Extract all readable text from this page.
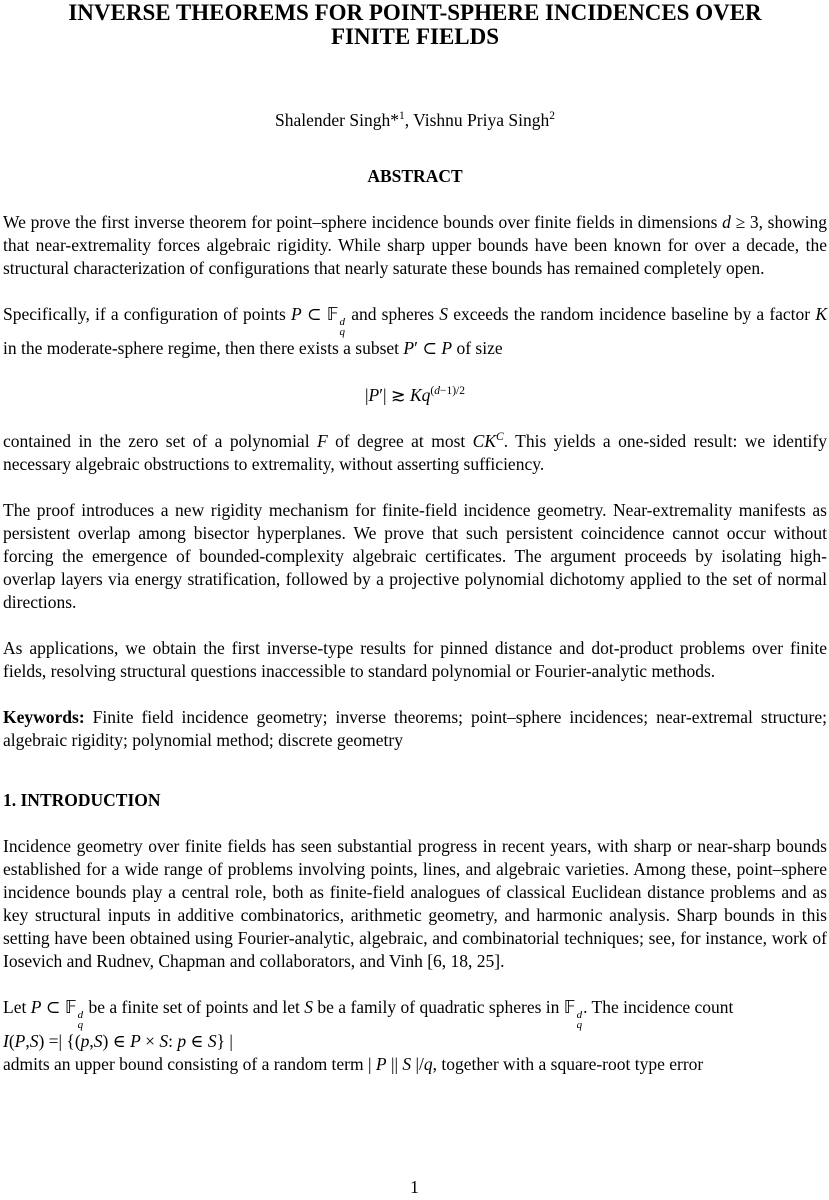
INVERSE THEOREMS FOR POINT-SPHERE INCIDENCES OVER
FINITE FIELDS
Shalender Singh*$^1$, Vishnu Priya Singh$^2$
ABSTRACT

We prove the first inverse theorem for point–sphere incidence bounds over finite fields in dimensions d ≥ 3, showing that near-extremality forces algebraic rigidity. While sharp upper bounds have been known for over a decade, the structural characterization of configurations that nearly saturate these bounds has remained completely open.

Specifically, if a configuration of points P ⊂ 𝔽 d
q
and spheres S exceeds the random incidence baseline by a factor K in the moderate-sphere regime, then there exists a subset P′ ⊂ P of size

|P′| ≳ $Kq^{(d-1)/2}$

contained in the zero set of a polynomial F of degree at most $CK^C$. This yields a one-sided result: we identify necessary algebraic obstructions to extremality, without asserting sufficiency.

The proof introduces a new rigidity mechanism for finite-field incidence geometry. Near-extremality manifests as persistent overlap among bisector hyperplanes. We prove that such persistent coincidence cannot occur without forcing the emergence of bounded-complexity algebraic certificates. The argument proceeds by isolating high-overlap layers via energy stratification, followed by a projective polynomial dichotomy applied to the set of normal directions.

As applications, we obtain the first inverse-type results for pinned distance and dot-product problems over finite fields, resolving structural questions inaccessible to standard polynomial or Fourier-analytic methods.

Keywords: Finite field incidence geometry; inverse theorems; point–sphere incidences; near-extremal structure; algebraic rigidity; polynomial method; discrete geometry

1. INTRODUCTION

Incidence geometry over finite fields has seen substantial progress in recent years, with sharp or near-sharp bounds established for a wide range of problems involving points, lines, and algebraic varieties. Among these, point–sphere incidence bounds play a central role, both as finite-field analogues of classical Euclidean distance problems and as key structural inputs in additive combinatorics, arithmetic geometry, and harmonic analysis. Sharp bounds in this setting have been obtained using Fourier-analytic, algebraic, and combinatorial techniques; see, for instance, work of Iosevich and Rudnev, Chapman and collaborators, and Vinh [6, 18, 25].

Let P ⊂ 𝔽 d
q
be a finite set of points and let S be a family of quadratic spheres in 𝔽 d
q
. The incidence count
I(P,S) =| {(p,S) ∈ P × S: p ∈ S} |
admits an upper bound consisting of a random term | P || S |/q, together with a square-root type error

1
